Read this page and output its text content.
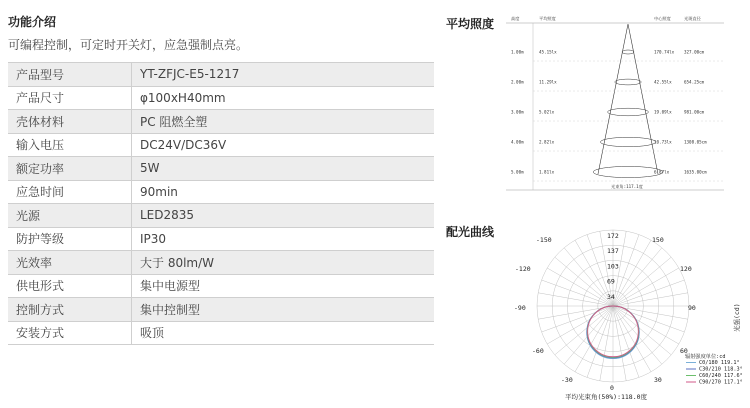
功能介绍
可编程控制，可定时开关灯，应急强制点亮。
产品型号	YT-ZFJC-E5-1217
产品尺寸	φ100xH40mm
壳体材料	PC 阻燃全塑
输入电压	DC24V/DC36V
额定功率	5W
应急时间	90min
光源	LED2835
防护等级	IP30
光效率	大于 80lm/W
供电形式	集中电源型
控制方式	集中控制型
安装方式	吸顶
平均照度	高度	平均照度	中心照度	光斑直径
1.00m	45.15lx	170.74lx 327.00cm
2.00m	11.29lx	42.55lx	654.25cm
3.00m	5.02lx	19.09lx	981.00cm
4.00m	2.82lx	10.73lx	1308.05cm
5.00m	1.81lx	6.87lx	1635.00cm
光束角:117.1度
配光曲线	172
137
103
69
34
-150	150
-120	120
-90	90
-60	60
-30	30
0
光强(cd)
辐射强度单位:cd
C0/180 119.1°
C30/210 118.3°
C60/240 117.6°
C90/270 117.1°
平均光束角(50%):118.0度
